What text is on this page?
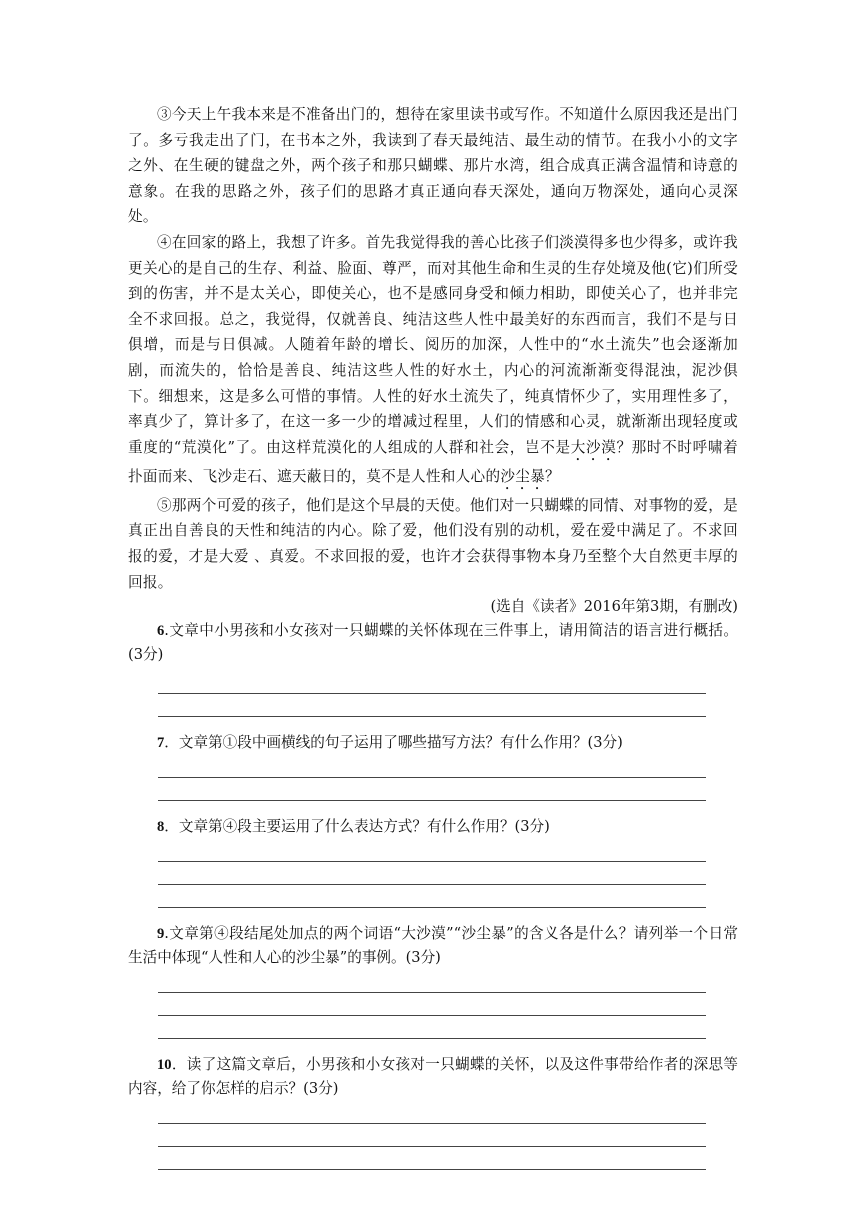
③今天上午我本来是不准备出门的，想待在家里读书或写作。不知道什么原因我还是出门了。多亏我走出了门，在书本之外，我读到了春天最纯洁、最生动的情节。在我小小的文字之外、在生硬的键盘之外，两个孩子和那只蝴蝶、那片水湾，组合成真正满含温情和诗意的意象。在我的思路之外，孩子们的思路才真正通向春天深处，通向万物深处，通向心灵深处。

④在回家的路上，我想了许多。首先我觉得我的善心比孩子们淡漠得多也少得多，或许我更关心的是自己的生存、利益、脸面、尊严，而对其他生命和生灵的生存处境及他(它)们所受到的伤害，并不是太关心，即使关心，也不是感同身受和倾力相助，即使关心了，也并非完全不求回报。总之，我觉得，仅就善良、纯洁这些人性中最美好的东西而言，我们不是与日俱增，而是与日俱减。人随着年龄的增长、阅历的加深，人性中的“水土流失”也会逐渐加剧，而流失的，恰恰是善良、纯洁这些人性的好水土，内心的河流渐渐变得混浊，泥沙俱下。细想来，这是多么可惜的事情。人性的好水土流失了，纯真情怀少了，实用理性多了，率真少了，算计多了，在这一多一少的增减过程里，人们的情感和心灵，就渐渐出现轻度或重度的“荒漠化”了。由这样荒漠化的人组成的人群和社会，岂不是大沙漠？那时不时呼啸着扑面而来、飞沙走石、遮天蔽日的，莫不是人性和人心的沙尘暴？

⑤那两个可爱的孩子，他们是这个早晨的天使。他们对一只蝴蝶的同情、对事物的爱，是真正出自善良的天性和纯洁的内心。除了爱，他们没有别的动机，爱在爱中满足了。不求回报的爱，才是大爱 、真爱。不求回报的爱，也许才会获得事物本身乃至整个大自然更丰厚的回报。

(选自《读者》2016年第3期，有删改)

6.文章中小男孩和小女孩对一只蝴蝶的关怀体现在三件事上，请用简洁的语言进行概括。(3分)

7．文章第①段中画横线的句子运用了哪些描写方法？有什么作用？(3分)

8．文章第④段主要运用了什么表达方式？有什么作用？(3分)

9.文章第④段结尾处加点的两个词语“大沙漠”“沙尘暴”的含义各是什么？请列举一个日常生活中体现“人性和人心的沙尘暴”的事例。(3分)

10．读了这篇文章后，小男孩和小女孩对一只蝴蝶的关怀，以及这件事带给作者的深思等内容，给了你怎样的启示？(3分)
